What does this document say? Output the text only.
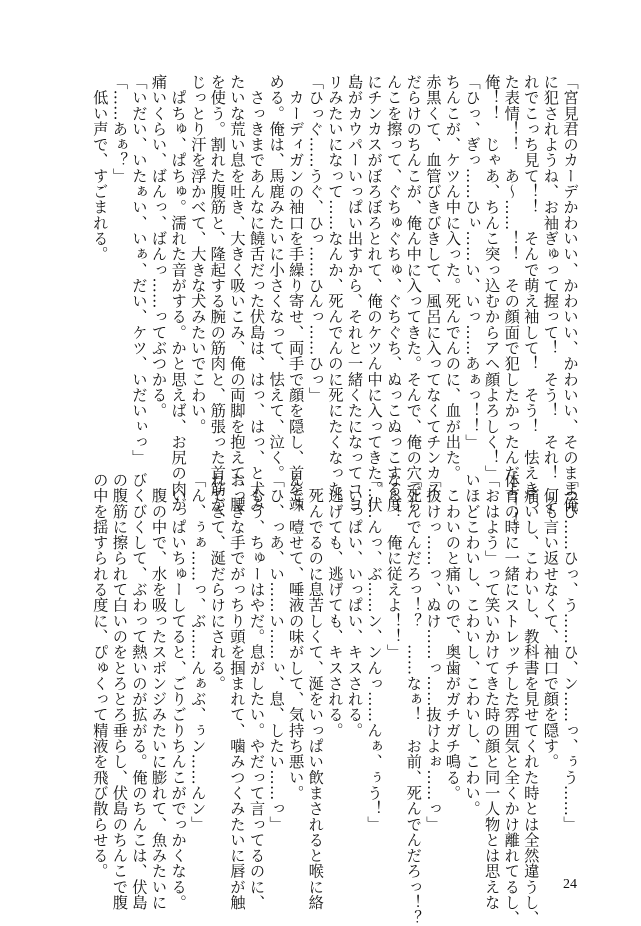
「宮見君のカーデかわいい、かわいい、かわいい、そのまま俺
に犯されようね、お袖ぎゅって握って！　そう！　それ！　そ
れでこっち見て！！　そんで萌え袖して！　そう！　怯えきっ
た表情！！　あ〜……！！　その顔面で犯したかったんだよ！！
俺！！　じゃあ、ちんこ突っ込むからアヘ顔よろしく！」
「ひっ、ぎっ……ひぃ……い、いっ……あぁっ！！」
ちんこが、ケツん中に入った。死んでんのに、血が出た。
赤黒くて、血管びきびきして、風呂に入ってなくてチンカス
だらけのちんこが、俺ん中に入ってきた。そんで、俺の穴でち
んこを擦って、ぐちゅぐちゅ、ぐちぐち、ぬっこぬっこする度
にチンカスがぼろぼろとれて、俺のケツん中に入ってきた。伏
島がカウパーいっぱい出すから、それと一緒くたになってコヨ
リみたいになって……なんか、死んでんのに死にたくなった。
「ひっぐ……うぐ、ひっ……ひんっ……ひっ」
　カーディガンの袖口を手繰り寄せ、両手で顔を隠し、首を竦
める。俺は、馬鹿みたいに小さくなって、怯えて、泣く。
　さっきまであんなに饒舌だった伏島は、はっ、はっ、と犬み
たいな荒い息を吐き、大きく吸いこみ、俺の両脚を抱えて、腰
を使う。割れた腹筋と、隆起する腕の筋肉と、筋張った首筋が、
じっとり汗を浮かべて、大きな犬みたいでこわい。
　ぱちゅ、ぱちゅ。濡れた音がする。かと思えば、お尻の肉が
痛いくらい、ばんっ、ばんっ……ってぶつかる。
「いだい、いたぁい、いぁ、だい、ケツ、いだいぃっ」
「……あぁ？」
　低い声で、すごまれる。
「つひ……ひっ、う……ひ、ン……っ、ぅう……」
　何も言い返せなくて、袖口で顔を隠す。
　痛いし、こわいし、教科書を見せてくれた時とは全然違うし、
体育の時に一緒にストレッチした雰囲気と全くかけ離れてるし、
「おはよう」って笑いかけてきた時の顔と同一人物とは思えな
いほどこわいし、こわいし、こわいし、こわい。
　こわいのと痛いので、奥歯がガチガチ鳴る。
「抜けっ……っ、ぬけ……っ……抜けよぉ……っ」
「死んでんだろっ！？　……なぁ！　お前、死んでんだろっ！？
なら！　俺に従えよ！！」
「……んっ、ぶ……ン、ンんっ……んぁ、ぅう！」
　いっぱい、いっぱい、キスされる。
　逃げても、逃げても、キスされる。
　死んでるのに息苦しくて、涎をいっぱい飲まされると喉に絡
んで、噎せて、唾液の味がして、気持ち悪い。
「ひ、っあ、い……い……ぃ、息、したい……っ」
　もう、ちゅーはやだ。息がしたい。やだって言ってるのに、
おっきな手でがっちり頭を掴まれて、噛みつくみたいに唇が触
れてきて、涎だらけにされる。
「ん、ぅぁ……っ、ぶ……んぁぶ、ぅン……んン」
　いっぱいちゅーしてると、ごりごりちんこがでっかくなる。
　腹の中で、水を吸ったスポンジみたいに膨れて、魚みたいに
びくびくして、ぶわって熱いのが拡がる。俺のちんこは、伏島
の腹筋に擦られて白いのをとろとろ垂らし、伏島のちんこで腹
の中を揺すられる度に、ぴゅくって精液を飛び散らせる。
24
